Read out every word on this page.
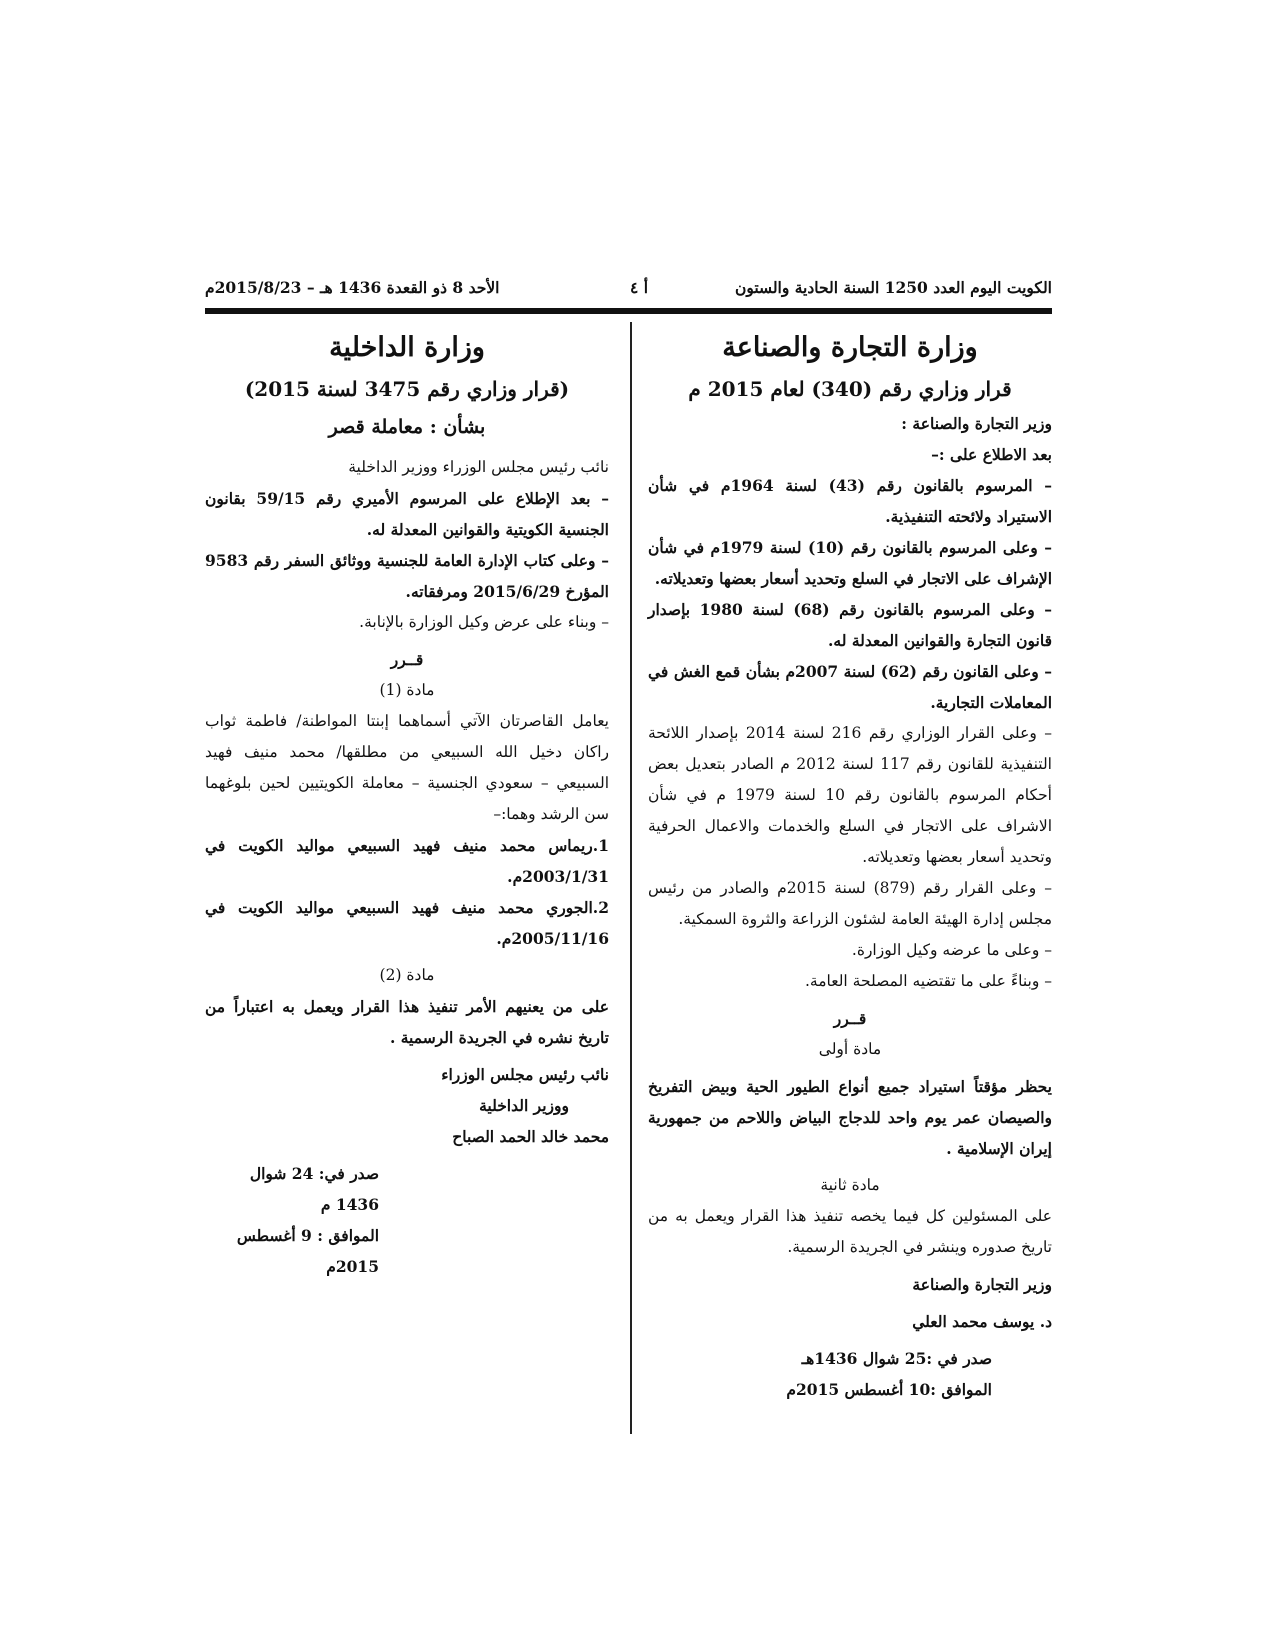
الكويت اليوم العدد 1250 السنة الحادية والستون
أ ٤
الأحد 8 ذو القعدة 1436 هـ – 2015/8/23م
وزارة التجارة والصناعة
قرار وزاري رقم (340) لعام 2015 م

وزير التجارة والصناعة :

بعد الاطلاع على :–

– المرسوم بالقانون رقم (43) لسنة 1964م في شأن الاستيراد ولائحته التنفيذية.

– وعلى المرسوم بالقانون رقم (10) لسنة 1979م في شأن الإشراف على الاتجار في السلع وتحديد أسعار بعضها وتعديلاته.

– وعلى المرسوم بالقانون رقم (68) لسنة 1980 بإصدار قانون التجارة والقوانين المعدلة له.

– وعلى القانون رقم (62) لسنة 2007م بشأن قمع الغش في المعاملات التجارية.

– وعلى القرار الوزاري رقم 216 لسنة 2014 بإصدار اللائحة التنفيذية للقانون رقم 117 لسنة 2012 م الصادر بتعديل بعض أحكام المرسوم بالقانون رقم 10 لسنة 1979 م في شأن الاشراف على الاتجار في السلع والخدمات والاعمال الحرفية وتحديد أسعار بعضها وتعديلاته.

– وعلى القرار رقم (879) لسنة 2015م والصادر من رئيس مجلس إدارة الهيئة العامة لشئون الزراعة والثروة السمكية.

– وعلى ما عرضه وكيل الوزارة.

– وبناءً على ما تقتضيه المصلحة العامة.

قــرر
مادة أولى

يحظر مؤقتاً استيراد جميع أنواع الطيور الحية وبيض التفريخ والصيصان عمر يوم واحد للدجاج البياض واللاحم من جمهورية إيران الإسلامية .

مادة ثانية

على المسئولين كل فيما يخصه تنفيذ هذا القرار ويعمل به من تاريخ صدوره وينشر في الجريدة الرسمية.

وزير التجارة والصناعة

د. يوسف محمد العلي

صدر في :25 شوال 1436هـ

الموافق :10 أغسطس 2015م

وزارة الداخلية
(قرار وزاري رقم 3475 لسنة 2015)
بشأن : معاملة قصر

نائب رئيس مجلس الوزراء ووزير الداخلية

– بعد الإطلاع على المرسوم الأميري رقم 59/15 بقانون الجنسية الكويتية والقوانين المعدلة له.

– وعلى كتاب الإدارة العامة للجنسية ووثائق السفر رقم 9583 المؤرخ 2015/6/29 ومرفقاته.

– وبناء على عرض وكيل الوزارة بالإنابة.

قــرر
مادة (1)

يعامل القاصرتان الآتي أسماهما إبنتا المواطنة/ فاطمة ثواب راكان دخيل الله السبيعي من مطلقها/ محمد منيف فهيد السبيعي – سعودي الجنسية – معاملة الكويتيين لحين بلوغهما سن الرشد وهما:–

1.ريماس محمد منيف فهيد السبيعي مواليد الكويت في 2003/1/31م.

2.الجوري محمد منيف فهيد السبيعي مواليد الكويت في 2005/11/16م.

مادة (2)

على من يعنيهم الأمر تنفيذ هذا القرار ويعمل به اعتباراً من تاريخ نشره في الجريدة الرسمية .

نائب رئيس مجلس الوزراء

ووزير الداخلية

محمد خالد الحمد الصباح

صدر في: 24 شوال 1436 م

الموافق : 9 أغسطس 2015م
